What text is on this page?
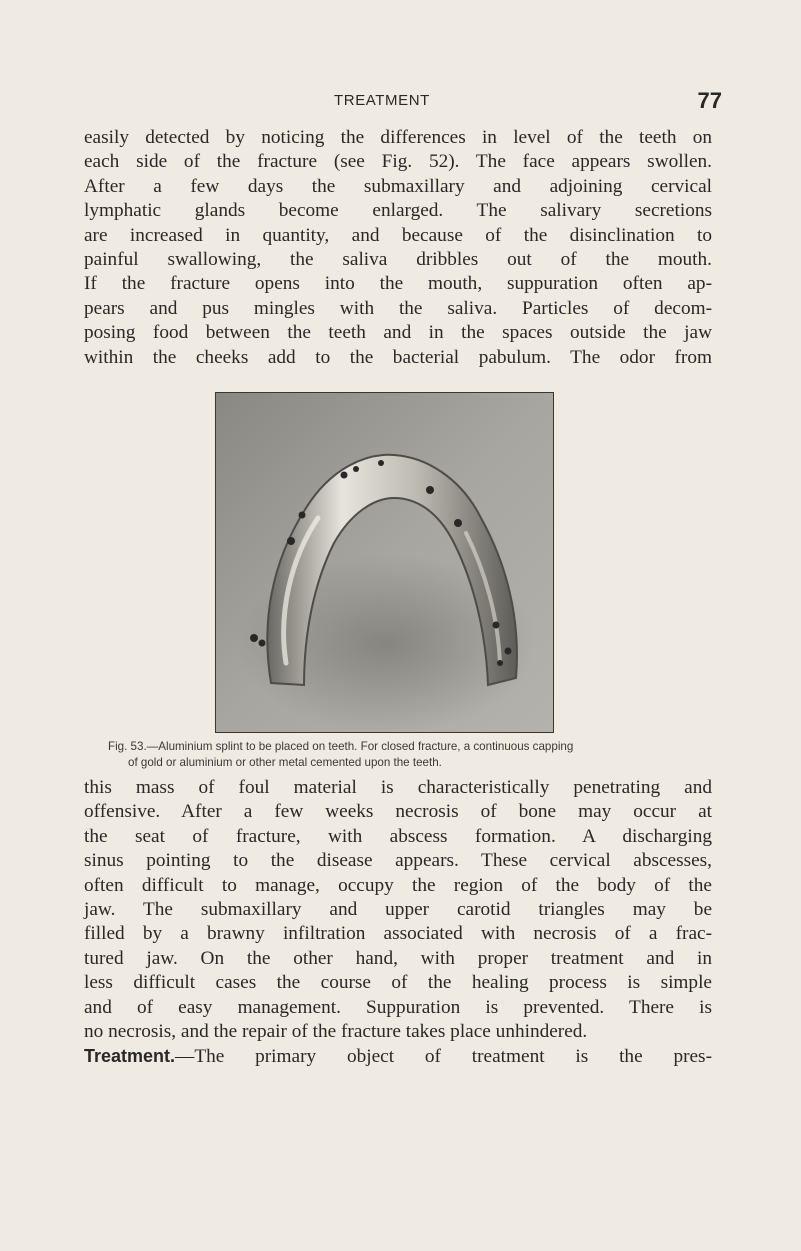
TREATMENT	77
easily detected by noticing the differences in level of the teeth on
each side of the fracture (see Fig. 52). The face appears swollen.
After a few days the submaxillary and adjoining cervical
lymphatic glands become enlarged. The salivary secretions
are increased in quantity, and because of the disinclination to
painful swallowing, the saliva dribbles out of the mouth.
If the fracture opens into the mouth, suppuration often ap-
pears and pus mingles with the saliva. Particles of decom-
posing food between the teeth and in the spaces outside the jaw
within the cheeks add to the bacterial pabulum. The odor from
Fig. 53.—Aluminium splint to be placed on teeth. For closed fracture, a continuous capping
of gold or aluminium or other metal cemented upon the teeth.
this mass of foul material is characteristically penetrating and
offensive. After a few weeks necrosis of bone may occur at
the seat of fracture, with abscess formation. A discharging
sinus pointing to the disease appears. These cervical abscesses,
often difficult to manage, occupy the region of the body of the
jaw. The submaxillary and upper carotid triangles may be
filled by a brawny infiltration associated with necrosis of a frac-
tured jaw. On the other hand, with proper treatment and in
less difficult cases the course of the healing process is simple
and of easy management. Suppuration is prevented. There is
no necrosis, and the repair of the fracture takes place unhindered.
Treatment.—The primary object of treatment is the pres-
